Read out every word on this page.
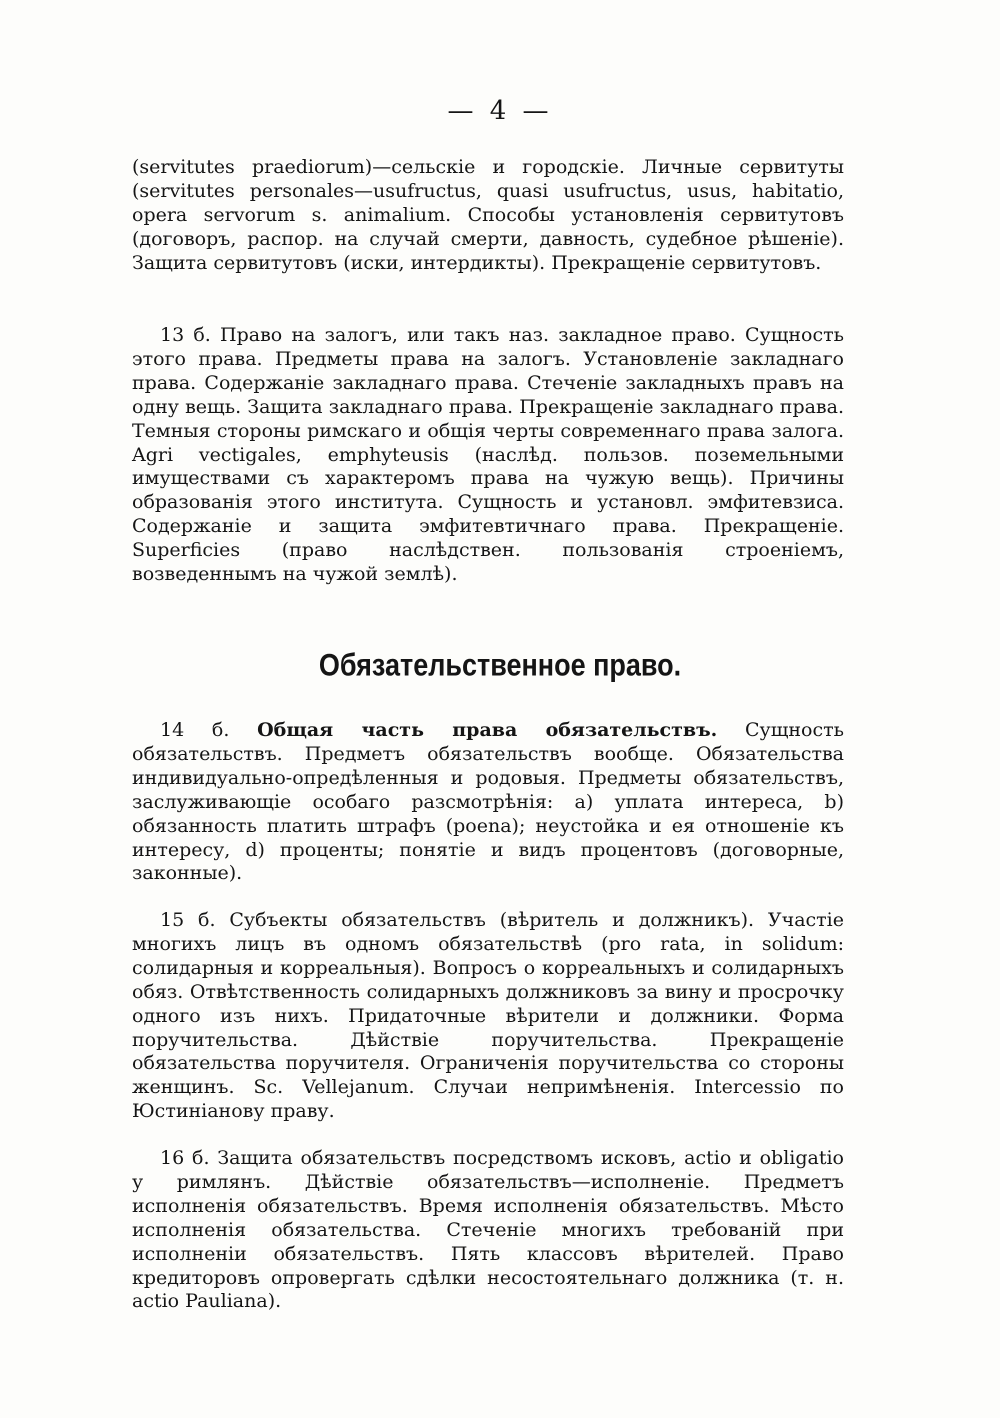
— 4 —

(servitutes praediorum)—сельскіе и городскіе. Личные сервитуты (servitutes personales—usufructus, quasi usufructus, usus, habitatio, opera servorum s. animalium. Способы установленія сервитутовъ (договоръ, распор. на случай смерти, давность, судебное рѣшеніе). Защита сервитутовъ (иски, интердикты). Прекращеніе сервитутовъ.

13 б. Право на залогъ, или такъ наз. закладное право. Сущность этого права. Предметы права на залогъ. Установленіе закладнаго права. Содержаніе закладнаго права. Стеченіе закладныхъ правъ на одну вещь. Защита закладнаго права. Прекращеніе закладнаго права. Темныя стороны римскаго и общія черты современнаго права залога. Agri vectigales, emphyteusis (наслѣд. пользов. поземельными имуществами съ характеромъ права на чужую вещь). Причины образованія этого института. Сущность и установл. эмфитевзиса. Содержаніе и защита эмфитевтичнаго права. Прекращеніе. Superficies (право наслѣдствен. пользованія строеніемъ, возведеннымъ на чужой землѣ).

Обязательственное право.

14 б. Общая часть права обязательствъ. Сущность обязательствъ. Предметъ обязательствъ вообще. Обязательства индивидуально-опредѣленныя и родовыя. Предметы обязательствъ, заслуживающіе особаго разсмотрѣнія: а) уплата интереса, b) обязанность платить штрафъ (poena); неустойка и ея отношеніе къ интересу, d) проценты; понятіе и видъ процентовъ (договорные, законные).

15 б. Субъекты обязательствъ (вѣритель и должникъ). Участіе многихъ лицъ въ одномъ обязательствѣ (pro rata, in solidum: солидарныя и корреальныя). Вопросъ о корреальныхъ и солидарныхъ обяз. Отвѣтственность солидарныхъ должниковъ за вину и просрочку одного изъ нихъ. Придаточные вѣрители и должники. Форма поручительства. Дѣйствіе поручительства. Прекращеніе обязательства поручителя. Ограниченія поручительства со стороны женщинъ. Sc. Vellejanum. Случаи непримѣненія. Intercessio по Юстиніанову праву.

16 б. Защита обязательствъ посредствомъ исковъ, actio и obligatio у римлянъ. Дѣйствіе обязательствъ—исполненіе. Предметъ исполненія обязательствъ. Время исполненія обязательствъ. Мѣсто исполненія обязательства. Стеченіе многихъ требованій при исполненіи обязательствъ. Пять классовъ вѣрителей. Право кредиторовъ опровергать сдѣлки несостоятельнаго должника (т. н. actio Pauliana).
